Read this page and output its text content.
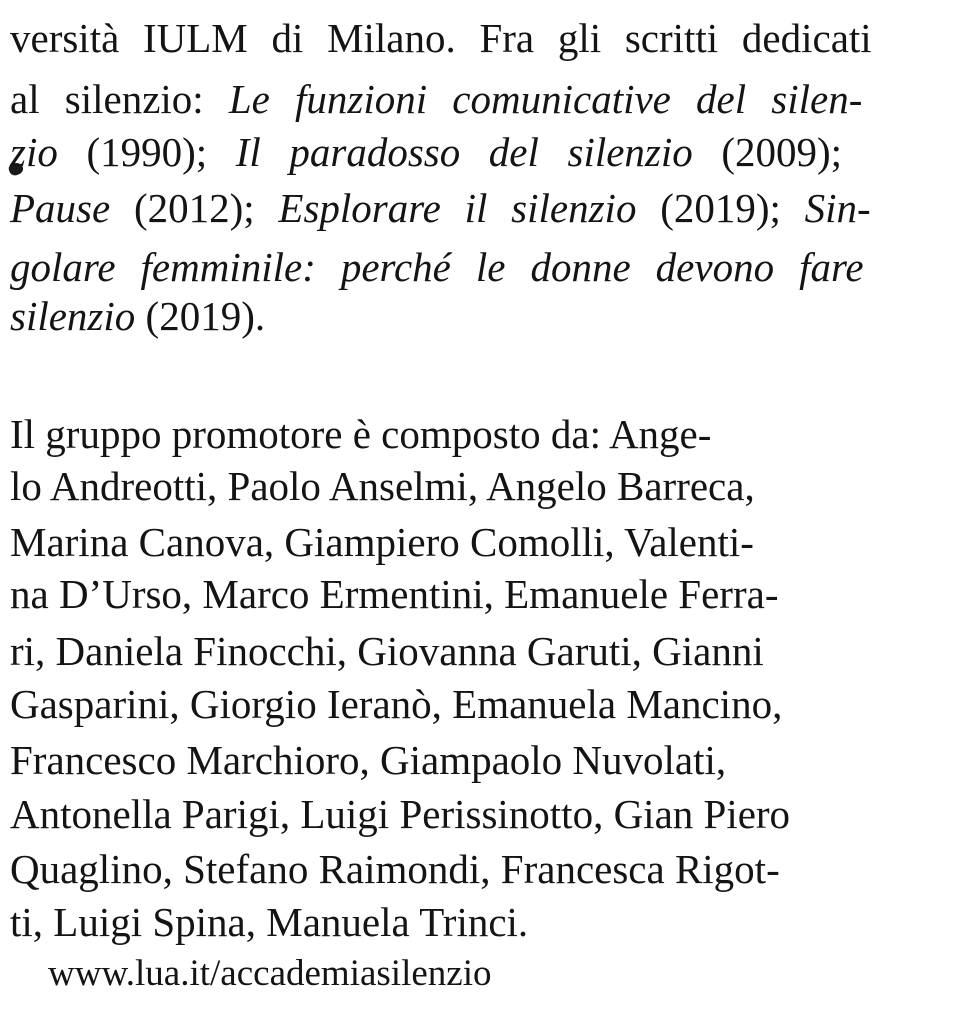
versità IULM di Milano. Fra gli scritti dedicati
al silenzio: Le funzioni comunicative del silen-
zio (1990); Il paradosso del silenzio (2009);
Pause (2012); Esplorare il silenzio (2019); Sin-
golare femminile: perché le donne devono fare
silenzio (2019).
Il gruppo promotore è composto da: Ange-
lo Andreotti, Paolo Anselmi, Angelo Barreca,
Marina Canova, Giampiero Comolli, Valenti-
na D’Urso, Marco Ermentini, Emanuele Ferra-
ri, Daniela Finocchi, Giovanna Garuti, Gianni
Gasparini, Giorgio Ieranò, Emanuela Mancino,
Francesco Marchioro, Giampaolo Nuvolati,
Antonella Parigi, Luigi Perissinotto, Gian Piero
Quaglino, Stefano Raimondi, Francesca Rigot-
ti, Luigi Spina, Manuela Trinci.
www.lua.it/accademiasilenzio
